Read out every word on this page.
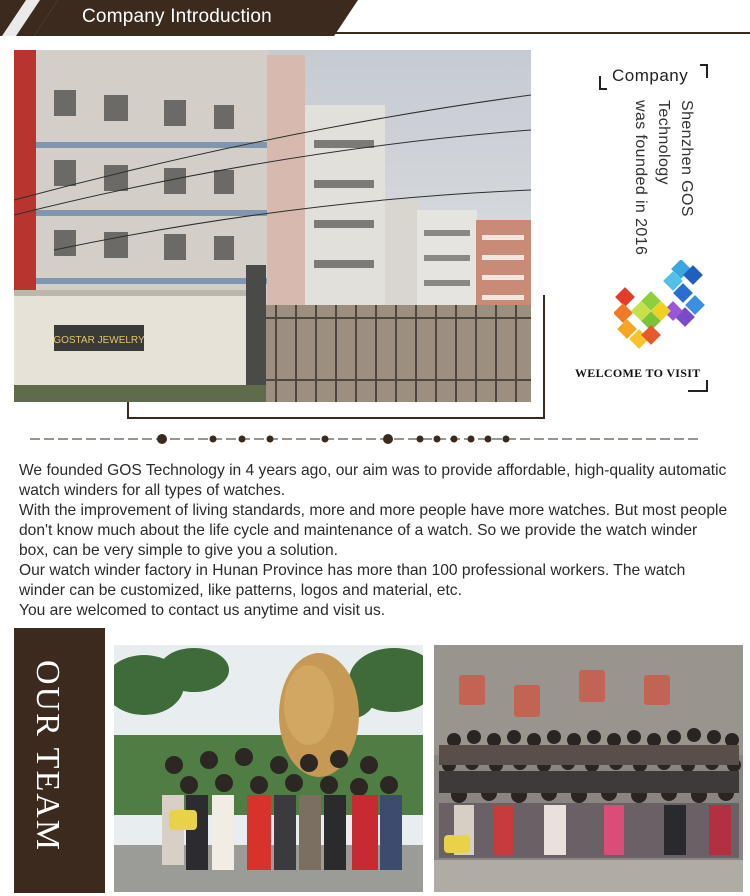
Company Introduction
GOSTAR JEWELRY
Company
Shenzhen GOS
Technology
was founded in 2016
WELCOME TO VISIT

We founded GOS Technology in 4 years ago, our aim was to provide affordable, high-quality automatic watch winders for all types of watches.

With the improvement of living standards, more and more people have more watches. But most people don't know much about the life cycle and maintenance of a watch. So we provide the watch winder box, can be very simple to give you a solution.

Our watch winder factory in Hunan Province has more than 100 professional workers. The watch winder can be customized, like patterns, logos and material, etc.

You are welcomed to contact us anytime and visit us.

OUR TEAM
